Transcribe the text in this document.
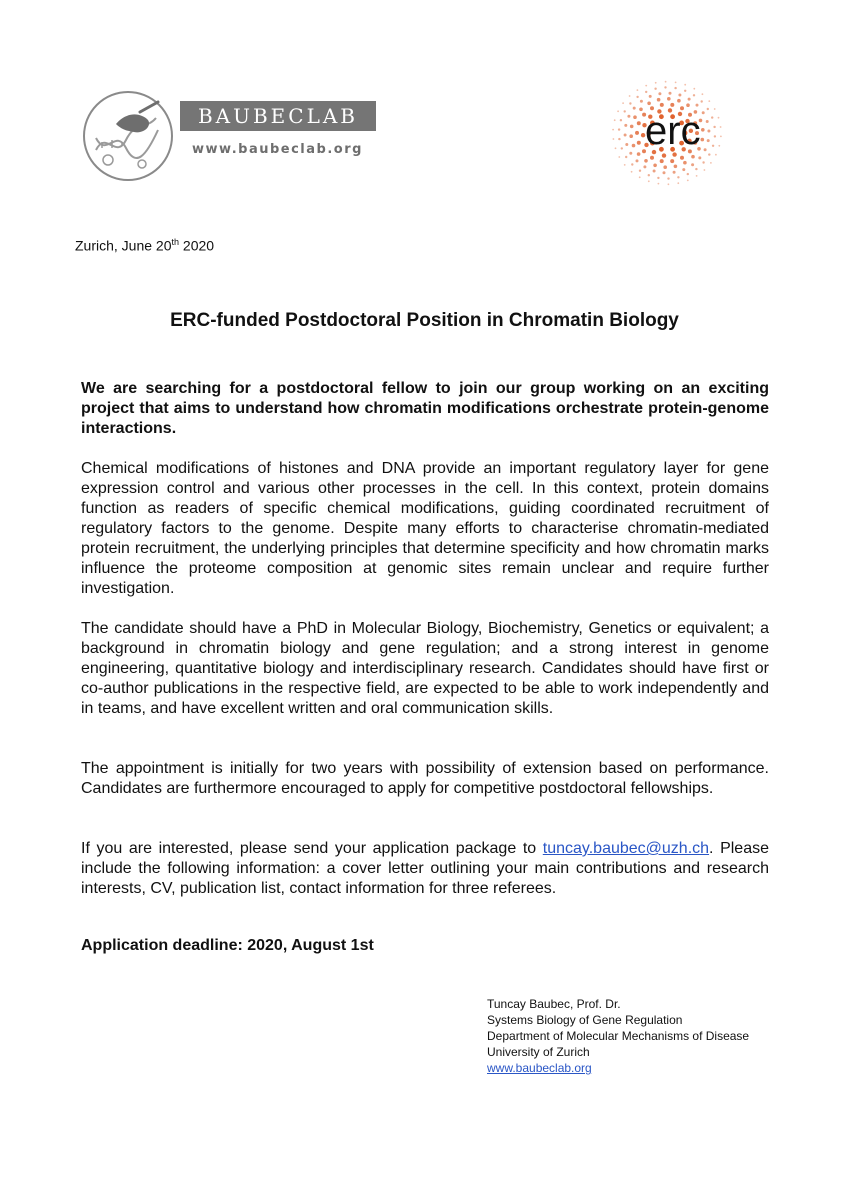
BAUBECLAB
www.baubeclab.org	erc
Zurich, June 20th 2020
ERC-funded Postdoctoral Position in Chromatin Biology
We are searching for a postdoctoral fellow to join our group working on an exciting project that aims to understand how chromatin modifications orchestrate protein-genome interactions.
Chemical modifications of histones and DNA provide an important regulatory layer for gene expression control and various other processes in the cell. In this context, protein domains function as readers of specific chemical modifications, guiding coordinated recruitment of regulatory factors to the genome. Despite many efforts to characterise chromatin-mediated protein recruitment, the underlying principles that determine specificity and how chromatin marks influence the proteome composition at genomic sites remain unclear and require further investigation.
The candidate should have a PhD in Molecular Biology, Biochemistry, Genetics or equivalent; a background in chromatin biology and gene regulation; and a strong interest in genome engineering, quantitative biology and interdisciplinary research. Candidates should have first or co-author publications in the respective field, are expected to be able to work independently and in teams, and have excellent written and oral communication skills.
The appointment is initially for two years with possibility of extension based on performance. Candidates are furthermore encouraged to apply for competitive postdoctoral fellowships.
If you are interested, please send your application package to tuncay.baubec@uzh.ch. Please include the following information: a cover letter outlining your main contributions and research interests, CV, publication list, contact information for three referees.
Application deadline: 2020, August 1st
Tuncay Baubec, Prof. Dr.
Systems Biology of Gene Regulation
Department of Molecular Mechanisms of Disease
University of Zurich
www.baubeclab.org
